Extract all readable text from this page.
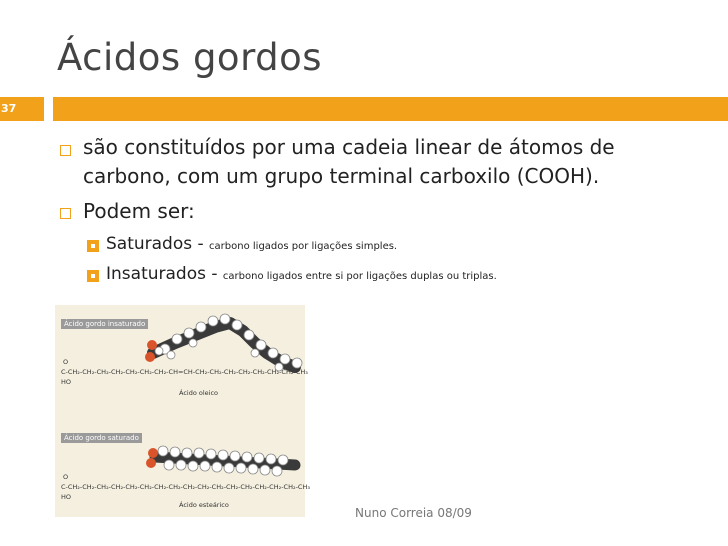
Ácidos gordos
37
são constituídos por uma cadeia linear de átomos de
carbono, com um grupo terminal carboxilo (COOH).
Podem ser:
Saturados - carbono ligados por ligações simples.
Insaturados - carbono ligados entre si por ligações duplas ou triplas.
Ácido gordo insaturado
O
C-CH₂-CH₂-CH₂-CH₂-CH₂-CH₂-CH₂-CH=CH-CH₂-CH₂-CH₂-CH₂-CH₂-CH₂-CH₂-CH₃
HO
Ácido oleico
Ácido gordo saturado
O
C-CH₂-CH₂-CH₂-CH₂-CH₂-CH₂-CH₂-CH₂-CH₂-CH₂-CH₂-CH₂-CH₂-CH₂-CH₂-CH₂-CH₃
HO
Ácido esteárico
Nuno Correia 08/09
